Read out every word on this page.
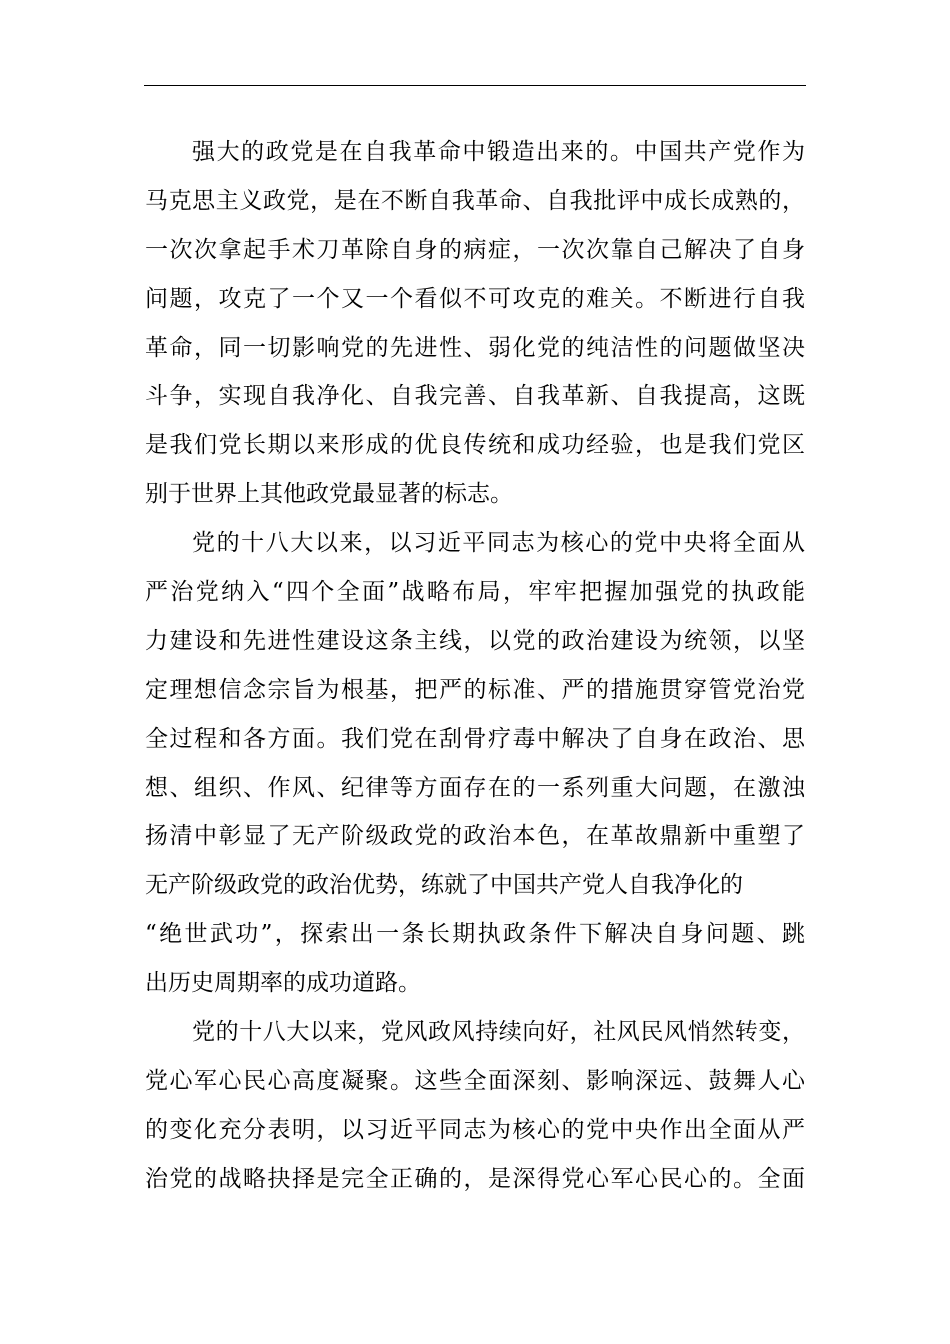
强大的政党是在自我革命中锻造出来的。中国共产党作为
马克思主义政党，是在不断自我革命、自我批评中成长成熟的，
一次次拿起手术刀革除自身的病症，一次次靠自己解决了自身
问题，攻克了一个又一个看似不可攻克的难关。不断进行自我
革命，同一切影响党的先进性、弱化党的纯洁性的问题做坚决
斗争，实现自我净化、自我完善、自我革新、自我提高，这既
是我们党长期以来形成的优良传统和成功经验，也是我们党区
别于世界上其他政党最显著的标志。
党的十八大以来，以习近平同志为核心的党中央将全面从
严治党纳入“四个全面”战略布局，牢牢把握加强党的执政能
力建设和先进性建设这条主线，以党的政治建设为统领，以坚
定理想信念宗旨为根基，把严的标准、严的措施贯穿管党治党
全过程和各方面。我们党在刮骨疗毒中解决了自身在政治、思
想、组织、作风、纪律等方面存在的一系列重大问题，在激浊
扬清中彰显了无产阶级政党的政治本色，在革故鼎新中重塑了
无产阶级政党的政治优势，练就了中国共产党人自我净化的
“绝世武功”，探索出一条长期执政条件下解决自身问题、跳
出历史周期率的成功道路。
党的十八大以来，党风政风持续向好，社风民风悄然转变，
党心军心民心高度凝聚。这些全面深刻、影响深远、鼓舞人心
的变化充分表明，以习近平同志为核心的党中央作出全面从严
治党的战略抉择是完全正确的，是深得党心军心民心的。全面
